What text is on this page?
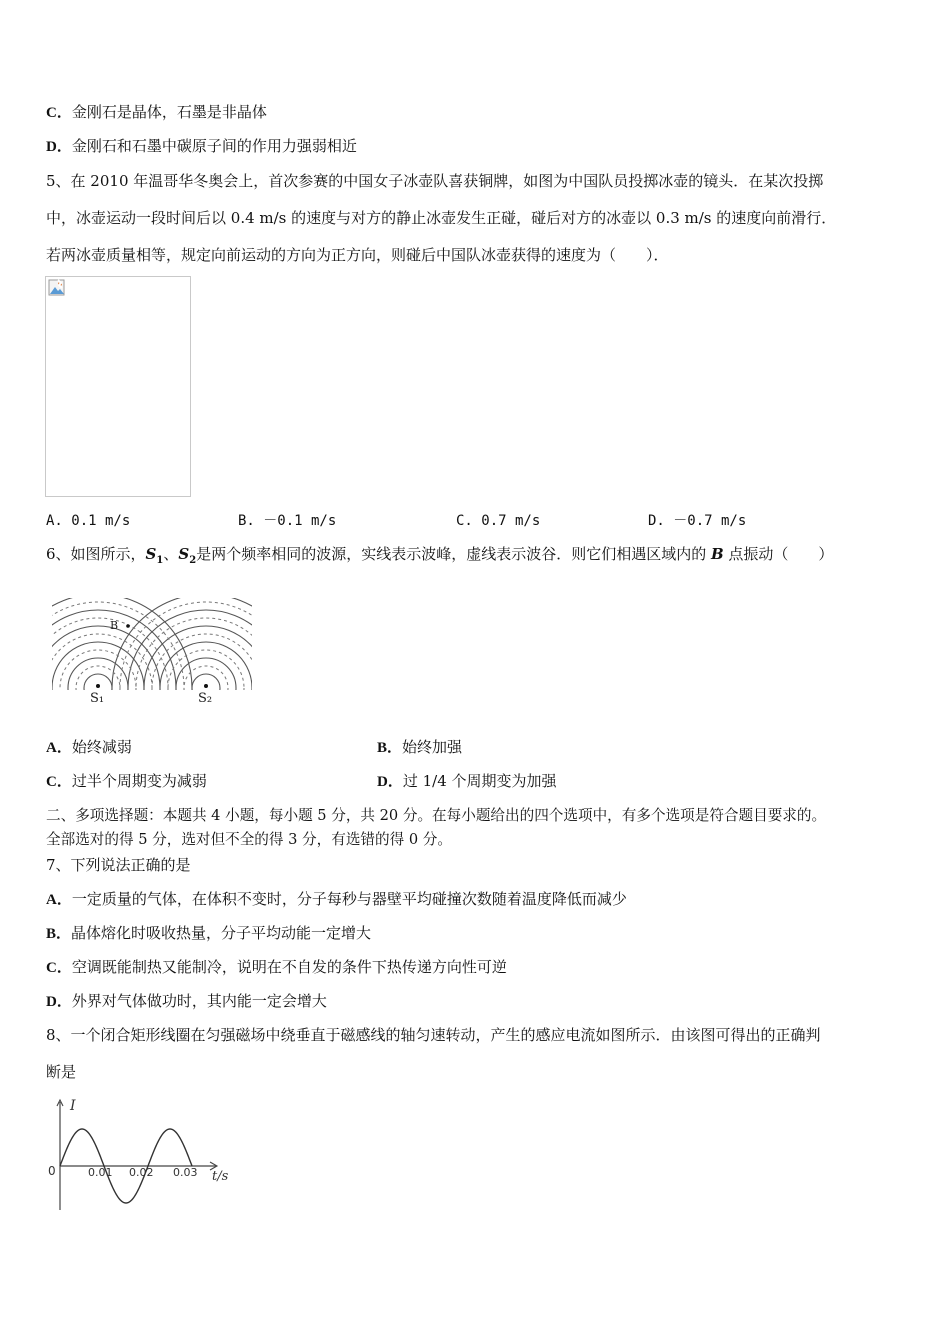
C．金刚石是晶体，石墨是非晶体
D．金刚石和石墨中碳原子间的作用力强弱相近
5、在 2010 年温哥华冬奥会上，首次参赛的中国女子冰壶队喜获铜牌，如图为中国队员投掷冰壶的镜头．在某次投掷
中，冰壶运动一段时间后以 0.4 m/s 的速度与对方的静止冰壶发生正碰，碰后对方的冰壶以 0.3 m/s 的速度向前滑行．
若两冰壶质量相等，规定向前运动的方向为正方向，则碰后中国队冰壶获得的速度为（　　）．
A. 0.1 m/s	B. －0.1 m/s	C. 0.7 m/s	D. －0.7 m/s
6、如图所示，$S_1$、$S_2$是两个频率相同的波源，实线表示波峰，虚线表示波谷．则它们相遇区域内的 B 点振动（　　）
B
S₁	S₂
A．始终减弱	B．始终加强
C．过半个周期变为减弱	D．过 1/4 个周期变为加强
二、多项选择题：本题共 4 小题，每小题 5 分，共 20 分。在每小题给出的四个选项中，有多个选项是符合题目要求的。
全部选对的得 5 分，选对但不全的得 3 分，有选错的得 0 分。
7、下列说法正确的是
A．一定质量的气体，在体积不变时，分子每秒与器壁平均碰撞次数随着温度降低而减少
B．晶体熔化时吸收热量，分子平均动能一定增大
C．空调既能制热又能制冷，说明在不自发的条件下热传递方向性可逆
D．外界对气体做功时，其内能一定会增大
8、一个闭合矩形线圈在匀强磁场中绕垂直于磁感线的轴匀速转动，产生的感应电流如图所示．由该图可得出的正确判
断是
I
0	0.01 0.02 0.03 t/s
